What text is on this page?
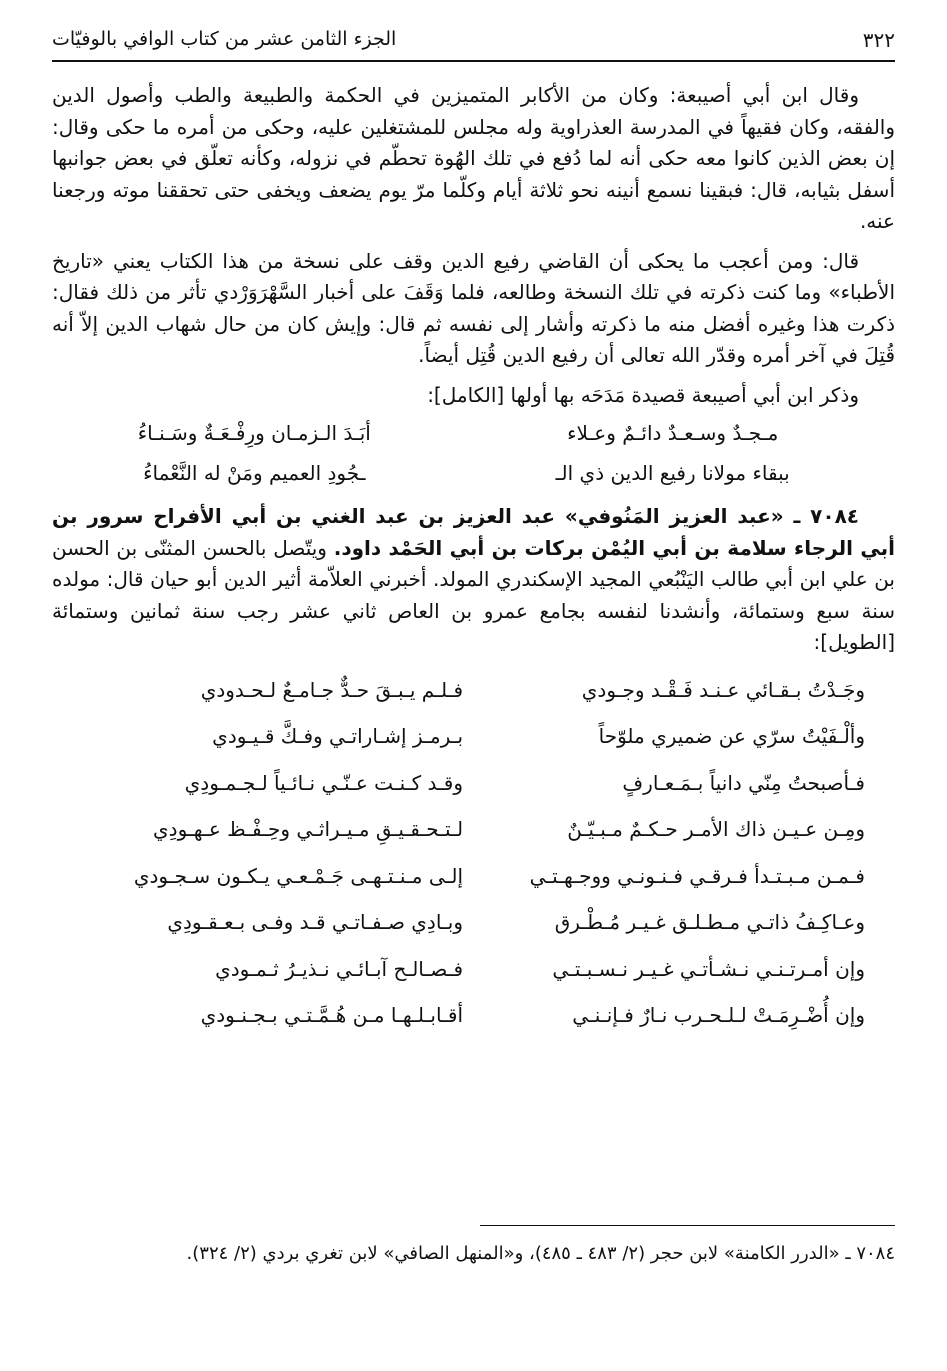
٣٢٢
الجزء الثامن عشر من كتاب الوافي بالوفيّات

وقال ابن أبي أصيبعة: وكان من الأكابر المتميزين في الحكمة والطبيعة والطب وأصول الدين والفقه، وكان فقيهاً في المدرسة العذراوية وله مجلس للمشتغلين عليه، وحكى من أمره ما حكى وقال: إن بعض الذين كانوا معه حكى أنه لما دُفع في تلك الهُوة تحطّم في نزوله، وكأنه تعلّق في بعض جوانبها أسفل بثيابه، قال: فبقينا نسمع أنينه نحو ثلاثة أيام وكلّما مرّ يوم يضعف ويخفى حتى تحققنا موته ورجعنا عنه.

قال: ومن أعجب ما يحكى أن القاضي رفيع الدين وقف على نسخة من هذا الكتاب يعني «تاريخ الأطباء» وما كنت ذكرته في تلك النسخة وطالعه، فلما وَقَفَ على أخبار السَّهْرَوَرْدي تأثر من ذلك فقال: ذكرت هذا وغيره أفضل منه ما ذكرته وأشار إلى نفسه ثم قال: وإيش كان من حال شهاب الدين إلاّ أنه قُتِلَ في آخر أمره وقدّر الله تعالى أن رفيع الدين قُتِل أيضاً.

وذكر ابن أبي أصيبعة قصيدة مَدَحَه بها أولها [الكامل]:

مـجـدٌ وسـعـدٌ دائـمٌ وعـلاء
أبَـدَ الـزمـان ورِفْـعَـةٌ وسَـنـاءُ
ببقاء مولانا رفيع الدين ذي الـ
ـجُودِ العميم ومَنْ له النَّعْماءُ

٧٠٨٤ ـ «عبد العزيز المَنُوفي» عبد العزيز بن عبد الغني بن أبي الأفراح سرور بن أبي الرجاء سلامة بن أبي اليُمْن بركات بن أبي الحَمْد داود. ويتّصل بالحسن المثنّى بن الحسن بن علي ابن أبي طالب اليَنْبُعي المجيد الإسكندري المولد. أخبرني العلاّمة أثير الدين أبو حيان قال: مولده سنة سبع وستمائة، وأنشدنا لنفسه بجامع عمرو بن العاص ثاني عشر رجب سنة ثمانين وستمائة [الطويل]:

وجَـدْتُ بـقـائي عـنـد فَـقْـد وجـودي
فـلـم يـبـقَ حـدٌّ جـامـعٌ لـحـدودي
وألْـفَيْتُ سرّي عن ضميري ملوّحاً
بـرمـز إشـاراتـي وفـكَّ قـيـودي
فـأصبحتُ مِنّي دانياً بـمَـعـارفٍ
وقـد كـنـت عـنّـي نـائـياً لـجـمـودِي
ومِـن عـيـن ذاك الأمـر حـكـمٌ مـبـيّـنٌ
لـتـحـقـيـقِ مـيـراثـي وحِـفْـظ عـهـودِي
فـمـن مـبـتـدأ فـرقـي فـنـونـي ووجـهـتـي
إلـى مـنـتـهـى جَـمْـعـي يـكـون سـجـودي
وعـاكِـفُ ذاتـي مـطـلـق غـيـر مُـطْـرق
وبـادِي صـفـاتـي قـد وفـى بـعـقـودِي
وإن أمـرتـنـي نـشـأتـي غـيـر نـسـبـتـي
فـصـالـح آبـائـي نـذيـرُ ثـمـودي
وإن أُضْـرِمَـتْ لـلـحـرب نـارٌ فـإنـنـي
أقـابـلـهـا مـن هُـمَّـتـي بـجـنـودي
٧٠٨٤ ـ «الدرر الكامنة» لابن حجر (٢/ ٤٨٣ ـ ٤٨٥)، و«المنهل الصافي» لابن تغري بردي (٢/ ٣٢٤).
